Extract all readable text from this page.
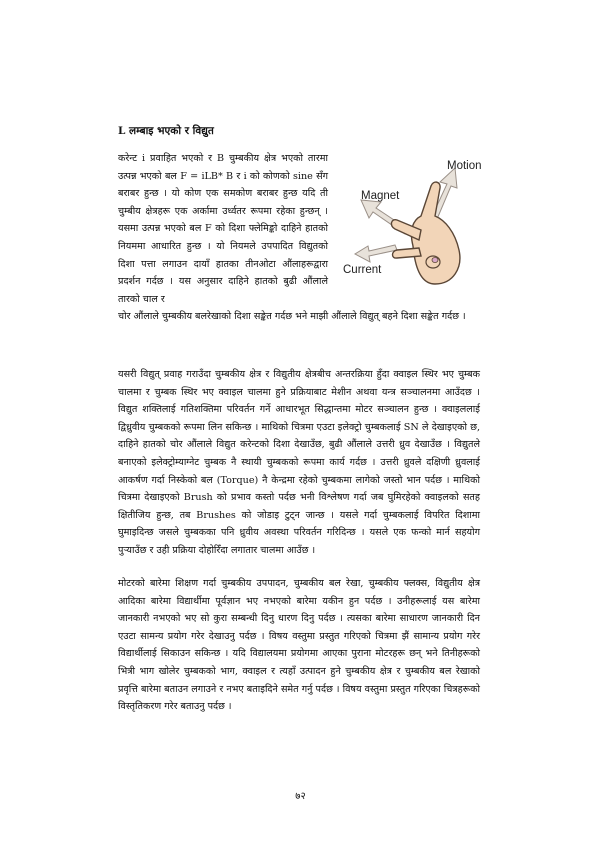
L लम्बाइ भएको र विद्युत

करेन्ट i प्रवाहित भएको र B चुम्बकीय क्षेत्र भएको तारमा उत्पन्न भएको बल F = iLB* B र i को कोणको sine सँग बराबर हुन्छ । यो कोण एक समकोण बराबर हुन्छ यदि ती चुम्बीय क्षेत्रहरू एक अर्कामा उर्ध्वतर रूपमा रहेका हुन्छन् । यसमा उत्पन्न भएको बल F को दिशा फ्लेमिङ्को दाहिने हातको नियममा आधारित हुन्छ । यो नियमले उपपादित विद्युतको दिशा पत्ता लगाउन दायाँ हातका तीनओटा औंलाहरूद्वारा प्रदर्शन गर्दछ । यस अनुसार दाहिने हातको बुढी औंलाले तारको चाल र

Motion
Magnet
Current

चोर औंलाले चुम्बकीय बलरेखाको दिशा सङ्केत गर्दछ भने माझी औंलाले विद्युत् बहने दिशा सङ्केत गर्दछ ।

यसरी विद्युत् प्रवाह गराउँदा चुम्बकीय क्षेत्र र विद्युतीय क्षेत्रबीच अन्तरक्रिया हुँदा क्वाइल स्थिर भए चुम्बक चालमा र चुम्बक स्थिर भए क्वाइल चालमा हुने प्रक्रियाबाट मेशीन अथवा यन्त्र सञ्चालनमा आउँदछ । विद्युत शक्तिलाई गतिशक्तिमा परिवर्तन गर्ने आधारभूत सिद्धान्तमा मोटर सञ्चालन हुन्छ । क्वाइललाई द्विध्रुवीय चुम्बकको रूपमा लिन सकिन्छ । माथिको चित्रमा एउटा इलेक्ट्रो चुम्बकलाई SN ले देखाइएको छ, दाहिने हातको चोर औंलाले विद्युत करेन्टको दिशा देखाउँछ, बुढी औंलाले उत्तरी ध्रुव देखाउँछ । विद्युतले बनाएको इलेक्ट्रोम्याग्नेट चुम्बक नै स्थायी चुम्बकको रूपमा कार्य गर्दछ । उत्तरी ध्रुवले दक्षिणी ध्रुवलाई आकर्षण गर्दा निस्केको बल (Torque) नै केन्द्रमा रहेको चुम्बकमा लागेको जस्तो भान पर्दछ । माथिको चित्रमा देखाइएको Brush को प्रभाव कस्तो पर्दछ भनी विश्लेषण गर्दा जब घुमिरहेको क्वाइलको सतह क्षितीजिय हुन्छ, तब Brushes को जोडाइ टुट्न जान्छ । यसले गर्दा चुम्बकलाई विपरित दिशामा घुमाइदिन्छ जसले चुम्बकका पनि ध्रुवीय अवस्था परिवर्तन गरिदिन्छ । यसले एक फन्को मार्न सहयोग पुऱ्याउँछ र उही प्रक्रिया दोहोरिँदा लगातार चालमा आउँछ ।

मोटरको बारेमा शिक्षण गर्दा चुम्बकीय उपपादन, चुम्बकीय बल रेखा, चुम्बकीय फ्लक्स, विद्युतीय क्षेत्र आदिका बारेमा विद्यार्थीमा पूर्वज्ञान भए नभएको बारेमा यकीन हुन पर्दछ । उनीहरूलाई यस बारेमा जानकारी नभएको भए सो कुरा सम्बन्धी दिनु धारण दिनु पर्दछ । त्यसका बारेमा साधारण जानकारी दिन एउटा सामन्य प्रयोग गरेर देखाउनु पर्दछ । विषय वस्तुमा प्रस्तुत गरिएको चित्रमा झैं सामान्य प्रयोग गरेर विद्यार्थीलाई सिकाउन सकिन्छ । यदि विद्यालयमा प्रयोगमा आएका पुराना मोटरहरू छन् भने तिनीहरूको भित्री भाग खोलेर चुम्बकको भाग, क्वाइल र त्यहाँ उत्पादन हुने चुम्बकीय क्षेत्र र चुम्बकीय बल रेखाको प्रवृत्ति बारेमा बताउन लगाउने र नभए बताइदिने समेत गर्नु पर्दछ । विषय वस्तुमा प्रस्तुत गरिएका चित्रहरूको विस्तृतिकरण गरेर बताउनु पर्दछ ।

७२
